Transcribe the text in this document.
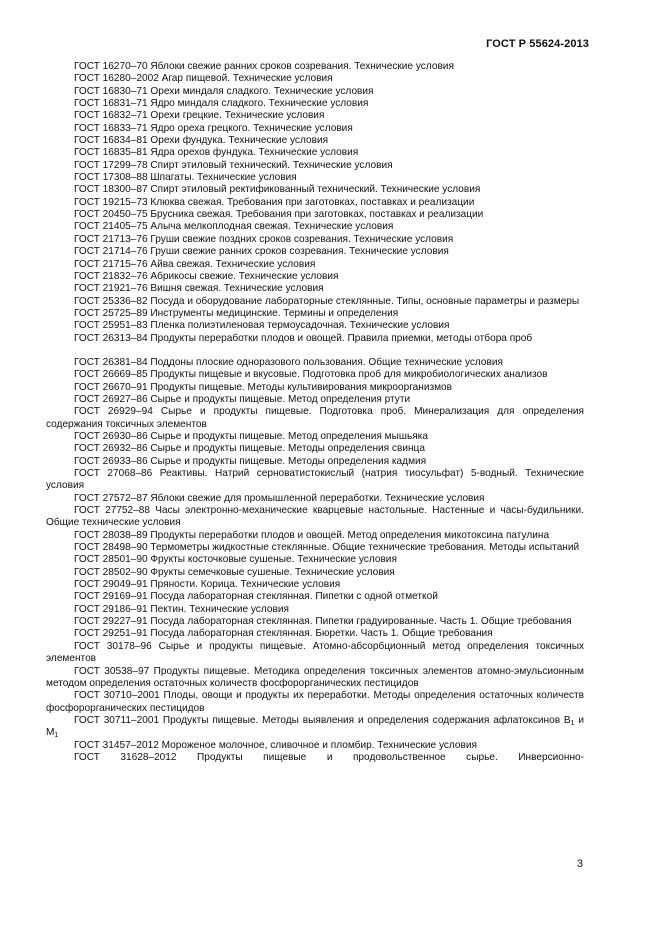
ГОСТ Р 55624-2013
ГОСТ 16270–70 Яблоки свежие ранних сроков созревания. Технические условия
ГОСТ 16280–2002 Агар пищевой. Технические условия
ГОСТ 16830–71 Орехи миндаля сладкого. Технические условия
ГОСТ 16831–71 Ядро миндаля сладкого. Технические условия
ГОСТ 16832–71 Орехи грецкие. Технические условия
ГОСТ 16833–71 Ядро ореха грецкого. Технические условия
ГОСТ 16834–81 Орехи фундука. Технические условия
ГОСТ 16835–81 Ядра орехов фундука. Технические условия
ГОСТ 17299–78 Спирт этиловый технический. Технические условия
ГОСТ 17308–88 Шпагаты. Технические условия
ГОСТ 18300–87 Спирт этиловый ректификованный технический. Технические условия
ГОСТ 19215–73 Клюква свежая. Требования при заготовках, поставках и реализации
ГОСТ 20450–75 Брусника свежая. Требования при заготовках, поставках и реализации
ГОСТ 21405–75 Алыча мелкоплодная свежая. Технические условия
ГОСТ 21713–76 Груши свежие поздних сроков созревания. Технические условия
ГОСТ 21714–76 Груши свежие ранних сроков созревания. Технические условия
ГОСТ 21715–76 Айва свежая. Технические условия
ГОСТ 21832–76 Абрикосы свежие. Технические условия
ГОСТ 21921–76 Вишня свежая. Технические условия
ГОСТ 25336–82 Посуда и оборудование лабораторные стеклянные. Типы, основные параметры и размеры
ГОСТ 25725–89 Инструменты медицинские. Термины и определения
ГОСТ 25951–83 Пленка полиэтиленовая термоусадочная. Технические условия
ГОСТ 26313–84 Продукты переработки плодов и овощей. Правила приемки, методы отбора проб
ГОСТ 26381–84 Поддоны плоские одноразового пользования. Общие технические условия
ГОСТ 26669–85 Продукты пищевые и вкусовые. Подготовка проб для микробиологических анализов
ГОСТ 26670–91 Продукты пищевые. Методы культивирования микроорганизмов
ГОСТ 26927–86 Сырье и продукты пищевые. Метод определения ртути
ГОСТ 26929–94 Сырье и продукты пищевые. Подготовка проб. Минерализация для определения содержания токсичных элементов
ГОСТ 26930–86 Сырье и продукты пищевые. Метод определения мышьяка
ГОСТ 26932–86 Сырье и продукты пищевые. Методы определения свинца
ГОСТ 26933–86 Сырье и продукты пищевые. Методы определения кадмия
ГОСТ 27068–86 Реактивы. Натрий серноватистокислый (натрия тиосульфат) 5-водный. Технические условия
ГОСТ 27572–87 Яблоки свежие для промышленной переработки. Технические условия
ГОСТ 27752–88 Часы электронно-механические кварцевые настольные. Настенные и часы-будильники. Общие технические условия
ГОСТ 28038–89 Продукты переработки плодов и овощей. Метод определения микотоксина патулина
ГОСТ 28498–90 Термометры жидкостные стеклянные. Общие технические требования. Методы испытаний
ГОСТ 28501–90 Фрукты косточковые сушеные. Технические условия
ГОСТ 28502–90 Фрукты семечковые сушеные. Технические условия
ГОСТ 29049–91 Пряности. Корица. Технические условия
ГОСТ 29169–91 Посуда лабораторная стеклянная. Пипетки с одной отметкой
ГОСТ 29186–91 Пектин. Технические условия
ГОСТ 29227–91 Посуда лабораторная стеклянная. Пипетки градуированные. Часть 1. Общие требования
ГОСТ 29251–91 Посуда лабораторная стеклянная. Бюретки. Часть 1. Общие требования
ГОСТ 30178–96 Сырье и продукты пищевые. Атомно-абсорбционный метод определения токсичных элементов
ГОСТ 30538–97 Продукты пищевые. Методика определения токсичных элементов атомно-эмульсионным методом определения остаточных количеств фосфорорганических пестицидов
ГОСТ 30710–2001 Плоды, овощи и продукты их переработки. Методы определения остаточных количеств фосфорорганических пестицидов
ГОСТ 30711–2001 Продукты пищевые. Методы выявления и определения содержания афлатоксинов $B_1$ и $M_1$
ГОСТ 31457–2012 Мороженое молочное, сливочное и пломбир. Технические условия
ГОСТ 31628–2012 Продукты пищевые и продовольственное сырье. Инверсионно-
3
